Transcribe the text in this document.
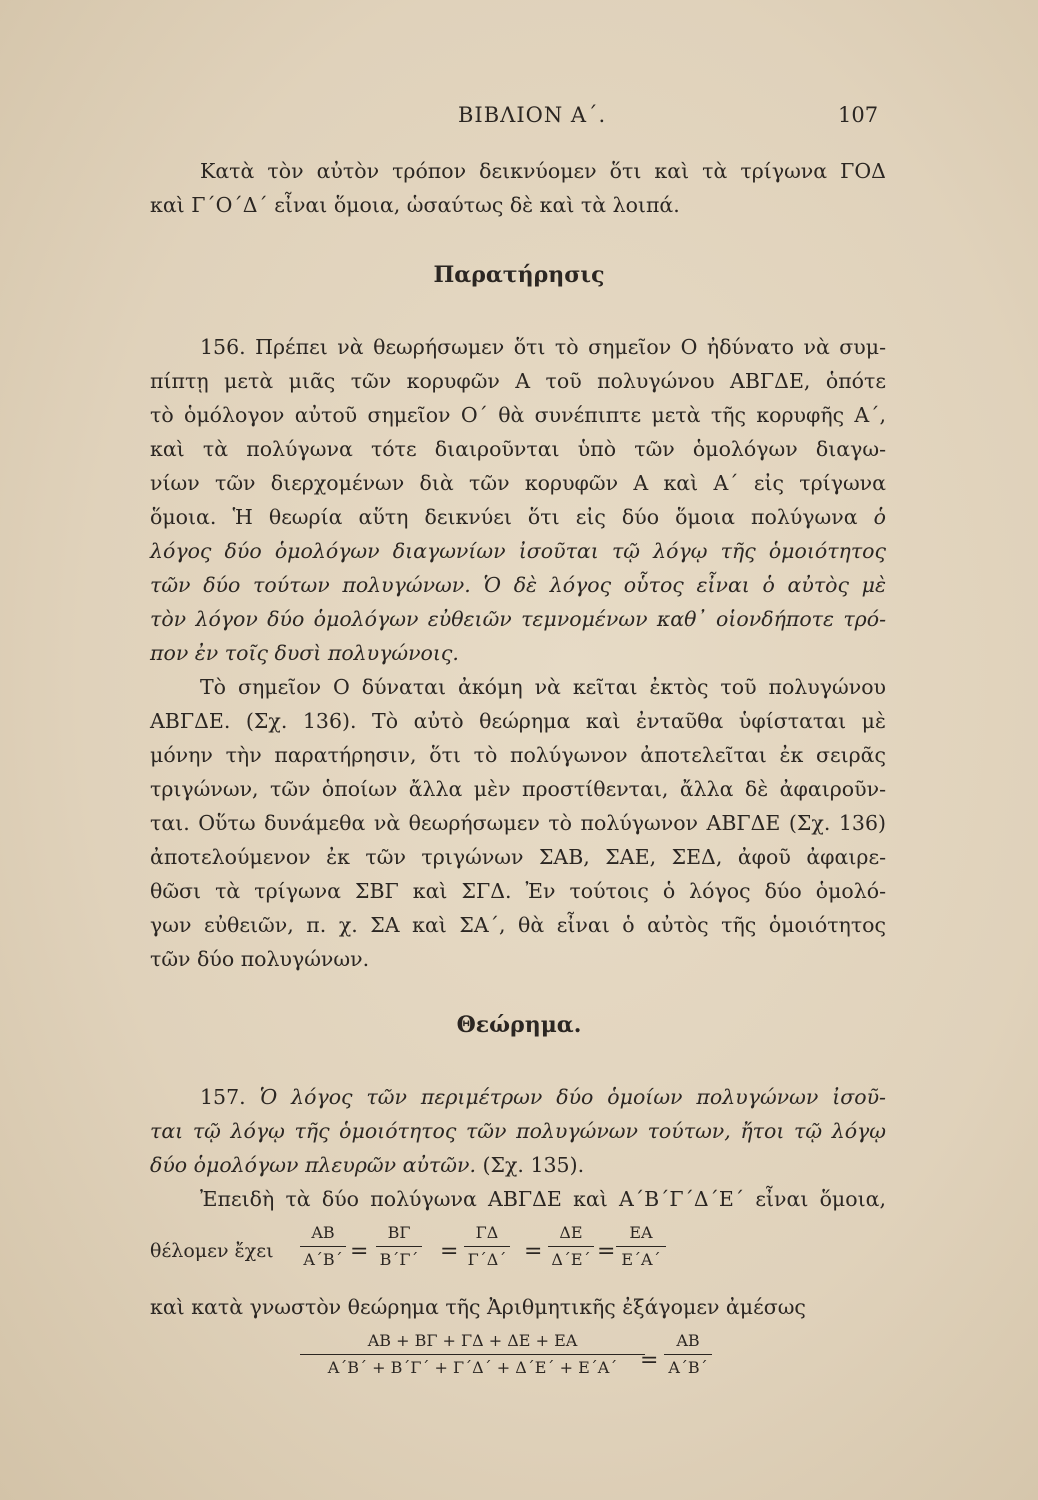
ΒΙΒΛΙΟΝ Α΄.	107
Κατὰ τὸν αὐτὸν τρόπον δεικνύομεν ὅτι καὶ τὰ τρίγωνα ΓΟΔ
καὶ Γ΄Ο΄Δ΄ εἶναι ὅμοια, ὡσαύτως δὲ καὶ τὰ λοιπά.
Παρατήρησις
156. Πρέπει νὰ θεωρήσωμεν ὅτι τὸ σημεῖον Ο ἠδύνατο νὰ συμ-
πίπτῃ μετὰ μιᾶς τῶν κορυφῶν Α τοῦ πολυγώνου ΑΒΓΔΕ, ὁπότε
τὸ ὁμόλογον αὐτοῦ σημεῖον Ο΄ θὰ συνέπιπτε μετὰ τῆς κορυφῆς Α΄,
καὶ τὰ πολύγωνα τότε διαιροῦνται ὑπὸ τῶν ὁμολόγων διαγω-
νίων τῶν διερχομένων διὰ τῶν κορυφῶν Α καὶ Α΄ εἰς τρίγωνα
ὅμοια. Ἡ θεωρία αὕτη δεικνύει ὅτι εἰς δύο ὅμοια πολύγωνα ὁ
λόγος δύο ὁμολόγων διαγωνίων ἰσοῦται τῷ λόγῳ τῆς ὁμοιότητος
τῶν δύο τούτων πολυγώνων. Ὁ δὲ λόγος οὗτος εἶναι ὁ αὐτὸς μὲ
τὸν λόγον δύο ὁμολόγων εὐθειῶν τεμνομένων καθ᾽ οἱονδήποτε τρό-
πον ἐν τοῖς δυσὶ πολυγώνοις.
Τὸ σημεῖον Ο δύναται ἀκόμη νὰ κεῖται ἐκτὸς τοῦ πολυγώνου
ΑΒΓΔΕ. (Σχ. 136). Τὸ αὐτὸ θεώρημα καὶ ἐνταῦθα ὑφίσταται μὲ
μόνην τὴν παρατήρησιν, ὅτι τὸ πολύγωνον ἀποτελεῖται ἐκ σειρᾶς
τριγώνων, τῶν ὁποίων ἄλλα μὲν προστίθενται, ἄλλα δὲ ἀφαιροῦν-
ται. Οὕτω δυνάμεθα νὰ θεωρήσωμεν τὸ πολύγωνον ΑΒΓΔΕ (Σχ. 136)
ἀποτελούμενον ἐκ τῶν τριγώνων ΣΑΒ, ΣΑΕ, ΣΕΔ, ἀφοῦ ἀφαιρε-
θῶσι τὰ τρίγωνα ΣΒΓ καὶ ΣΓΔ. Ἐν τούτοις ὁ λόγος δύο ὁμολό-
γων εὐθειῶν, π. χ. ΣΑ καὶ ΣΑ΄, θὰ εἶναι ὁ αὐτὸς τῆς ὁμοιότητος
τῶν δύο πολυγώνων.
Θεώρημα.
157. Ὁ λόγος τῶν περιμέτρων δύο ὁμοίων πολυγώνων ἰσοῦ-
ται τῷ λόγῳ τῆς ὁμοιότητος τῶν πολυγώνων τούτων, ἤτοι τῷ λόγῳ
δύο ὁμολόγων πλευρῶν αὐτῶν. (Σχ. 135).
Ἐπειδὴ τὰ δύο πολύγωνα ΑΒΓΔΕ καὶ Α΄Β΄Γ΄Δ΄Ε΄ εἶναι ὅμοια,
θέλομεν ἔχει
ΑΒ
Α΄Β΄ =
ΒΓ
Β΄Γ΄ =
ΓΔ
Γ΄Δ΄ =
ΔΕ
Δ΄Ε΄ =
ΕΑ
Ε΄Α΄
καὶ κατὰ γνωστὸν θεώρημα τῆς Ἀριθμητικῆς ἐξάγομεν ἀμέσως
ΑΒ + ΒΓ + ΓΔ + ΔΕ + ΕΑ
Α΄Β΄ + Β΄Γ΄ + Γ΄Δ΄ + Δ΄Ε΄ + Ε΄Α΄	=
ΑΒ
Α΄Β΄
